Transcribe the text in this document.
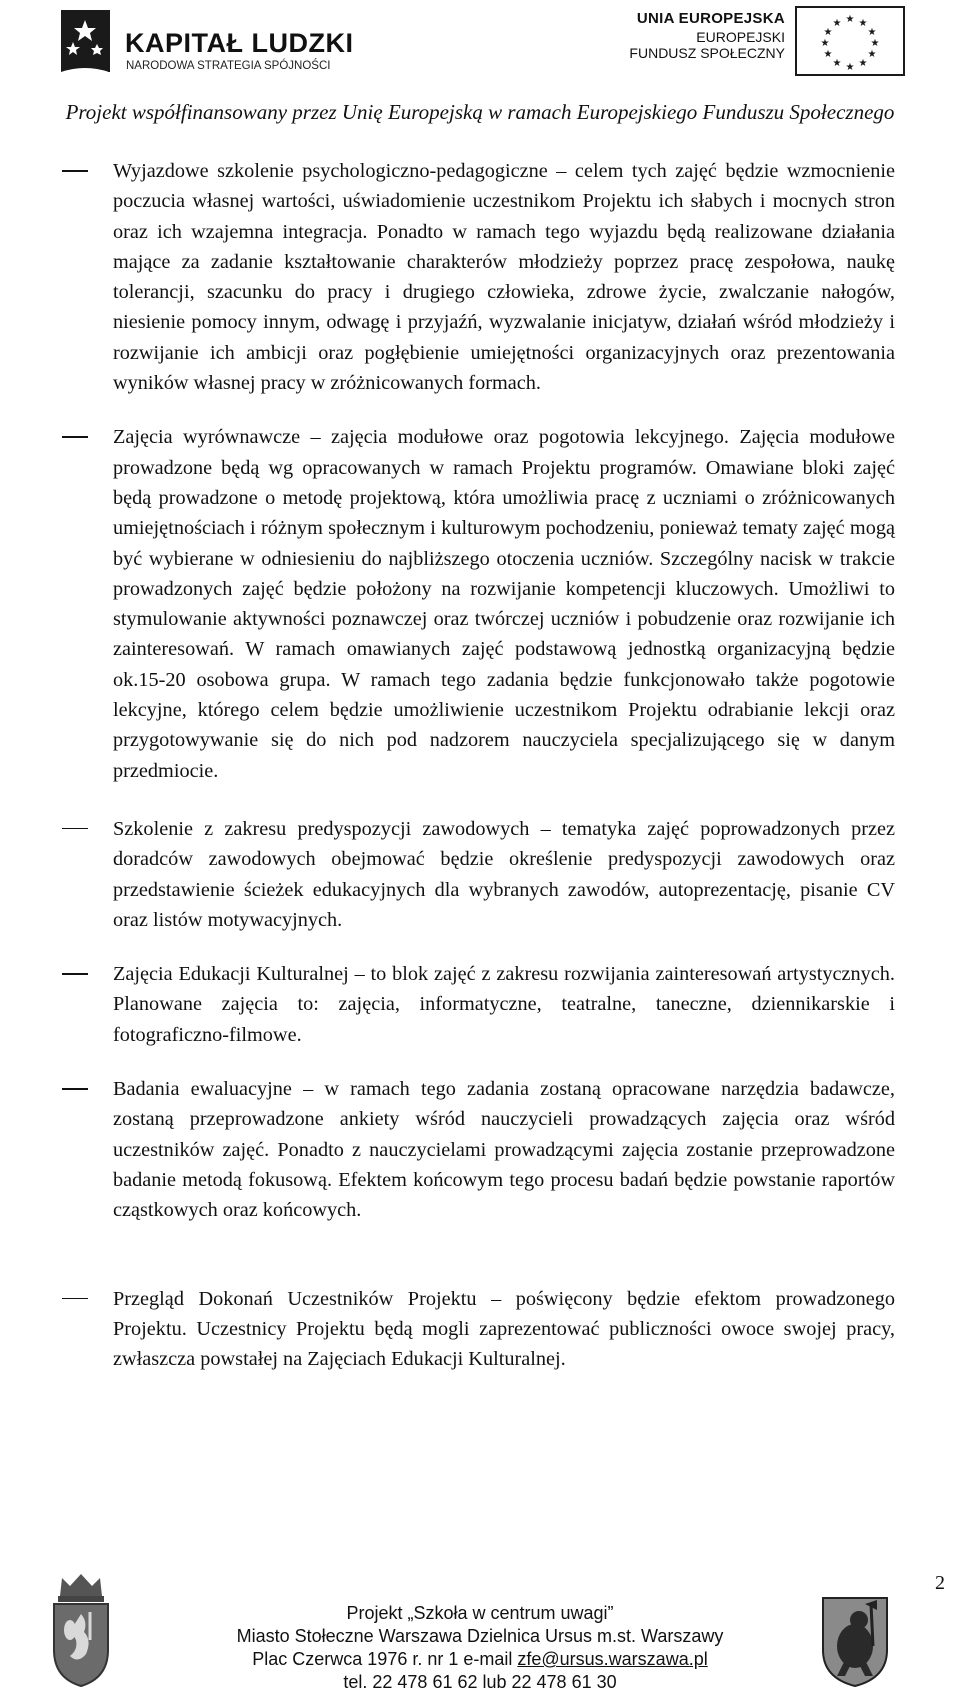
KAPITAŁ LUDZKI
NARODOWA STRATEGIA SPÓJNOŚCI
UNIA EUROPEJSKA
EUROPEJSKI
FUNDUSZ SPOŁECZNY
★ ★
★
★
★
★
★
★
★
★
★
★
Projekt współfinansowany przez Unię Europejską w ramach Europejskiego Funduszu Społecznego
Wyjazdowe szkolenie psychologiczno-pedagogiczne – celem tych zajęć będzie wzmocnienie poczucia własnej wartości, uświadomienie uczestnikom Projektu ich słabych i mocnych stron oraz ich wzajemna integracja. Ponadto w ramach tego wyjazdu będą realizowane działania mające za zadanie kształtowanie charakterów młodzieży poprzez pracę zespołowa, naukę tolerancji, szacunku do pracy i drugiego człowieka, zdrowe życie, zwalczanie nałogów, niesienie pomocy innym, odwagę i przyjaźń, wyzwalanie inicjatyw, działań wśród młodzieży i rozwijanie ich ambicji oraz pogłębienie umiejętności organizacyjnych oraz prezentowania wyników własnej pracy w zróżnicowanych formach.
Zajęcia wyrównawcze – zajęcia modułowe oraz pogotowia lekcyjnego. Zajęcia modułowe prowadzone będą wg opracowanych w ramach Projektu programów. Omawiane bloki zajęć będą prowadzone o metodę projektową, która umożliwia pracę z uczniami o zróżnicowanych umiejętnościach i różnym społecznym i kulturowym pochodzeniu, ponieważ tematy zajęć mogą być wybierane w odniesieniu do najbliższego otoczenia uczniów. Szczególny nacisk w trakcie prowadzonych zajęć będzie położony na rozwijanie kompetencji kluczowych. Umożliwi to stymulowanie aktywności poznawczej oraz twórczej uczniów i pobudzenie oraz rozwijanie ich zainteresowań. W ramach omawianych zajęć podstawową jednostką organizacyjną będzie ok.15-20 osobowa grupa. W ramach tego zadania będzie funkcjonowało także pogotowie lekcyjne, którego celem będzie umożliwienie uczestnikom Projektu odrabianie lekcji oraz przygotowywanie się do nich pod nadzorem nauczyciela specjalizującego się w danym przedmiocie.
Szkolenie z zakresu predyspozycji zawodowych – tematyka zajęć poprowadzonych przez doradców zawodowych obejmować będzie określenie predyspozycji zawodowych oraz przedstawienie ścieżek edukacyjnych dla wybranych zawodów, autoprezentację, pisanie CV oraz listów motywacyjnych.
Zajęcia Edukacji Kulturalnej – to blok zajęć z zakresu rozwijania zainteresowań artystycznych. Planowane zajęcia to: zajęcia, informatyczne, teatralne, taneczne, dziennikarskie i fotograficzno-filmowe.
Badania ewaluacyjne – w ramach tego zadania zostaną opracowane narzędzia badawcze, zostaną przeprowadzone ankiety wśród nauczycieli prowadzących zajęcia oraz wśród uczestników zajęć. Ponadto z nauczycielami prowadzącymi zajęcia zostanie przeprowadzone badanie metodą fokusową. Efektem końcowym tego procesu badań będzie powstanie raportów cząstkowych oraz końcowych.
Przegląd Dokonań Uczestników Projektu – poświęcony będzie efektom prowadzonego Projektu. Uczestnicy Projektu będą mogli zaprezentować publiczności owoce swojej pracy, zwłaszcza powstałej na Zajęciach Edukacji Kulturalnej.
2
Projekt „Szkoła w centrum uwagi”
Miasto Stołeczne Warszawa Dzielnica Ursus m.st. Warszawy
Plac Czerwca 1976 r. nr 1 e-mail zfe@ursus.warszawa.pl
tel. 22 478 61 62 lub 22 478 61 30
